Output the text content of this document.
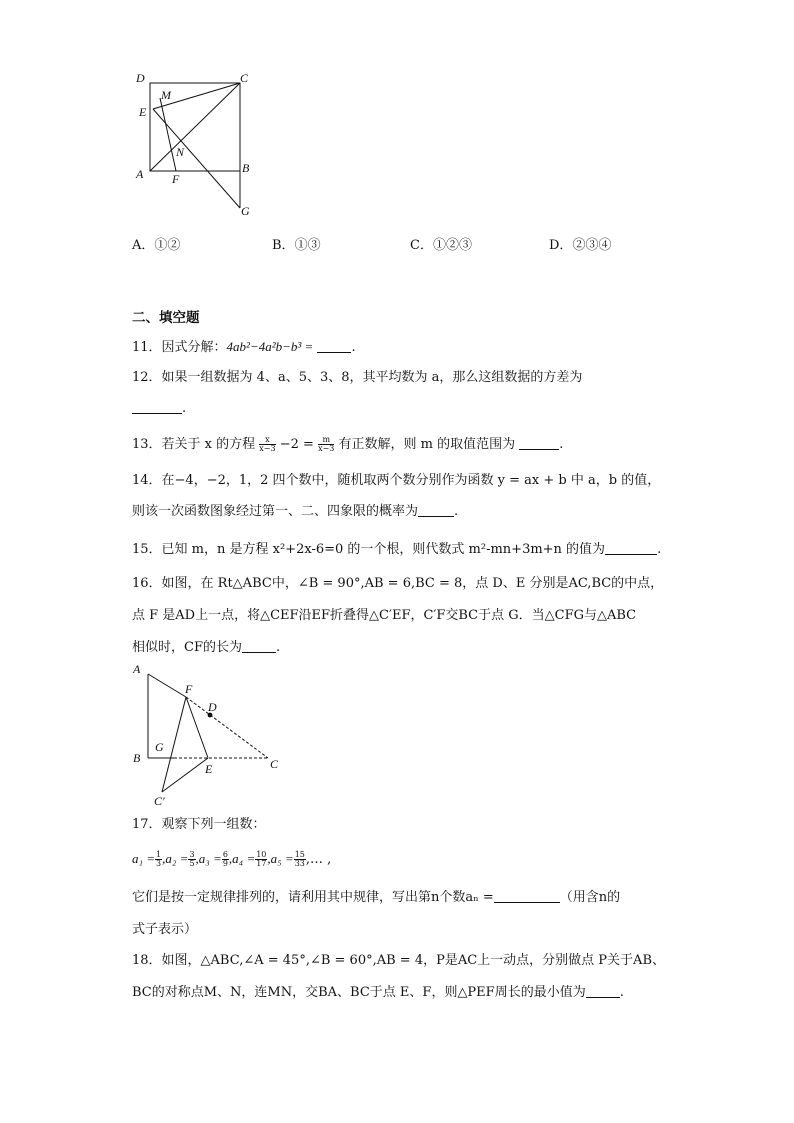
D	C
M
E
N
A F
B
G
A．①②	B．①③	C．①②③	D．②③④
二、填空题
11．因式分解：4ab²−4a²b−b³ =	.
12．如果一组数据为 4、a、5、3、8，其平均数为 a，那么这组数据的方差为
.
13．若关于 x 的方程 $\frac{x}{x-3} -2 = \frac{m}{x-3}$ 有正数解，则 m 的取值范围为	.
14．在−4，−2，1，2 四个数中，随机取两个数分别作为函数 y = ax + b 中 a，b 的值，
则该一次函数图象经过第一、二、四象限的概率为	.
15．已知 m，n 是方程 x²+2x-6=0 的一个根，则代数式 m²-mn+3m+n 的值为	.
16．如图，在 Rt△ABC中，∠B = 90°,AB = 6,BC = 8，点 D、E 分别是AC,BC的中点，
点 F 是AD上一点，将△CEF沿EF折叠得△C′EF，C′F交BC于点 G．当△CFG与△ABC
相似时，CF的长为	.
A
F
D
B
G
E	C
C′
17．观察下列一组数：
$a_1 = \frac{1}{3} ,a_2 = \frac{3}{5} ,a_3 = \frac{6}{9} ,a_4 = \frac{10}{17} ,a_5 = \frac{15}{33}$ ,… ,
它们是按一定规律排列的，请利用其中规律，写出第n个数aₙ =	（用含n的
式子表示）
18．如图，△ABC,∠A = 45°,∠B = 60°,AB = 4，P是AC上一动点，分别做点 P关于AB、
BC的对称点M、N，连MN，交BA、BC于点 E、F，则△PEF周长的最小值为	.
